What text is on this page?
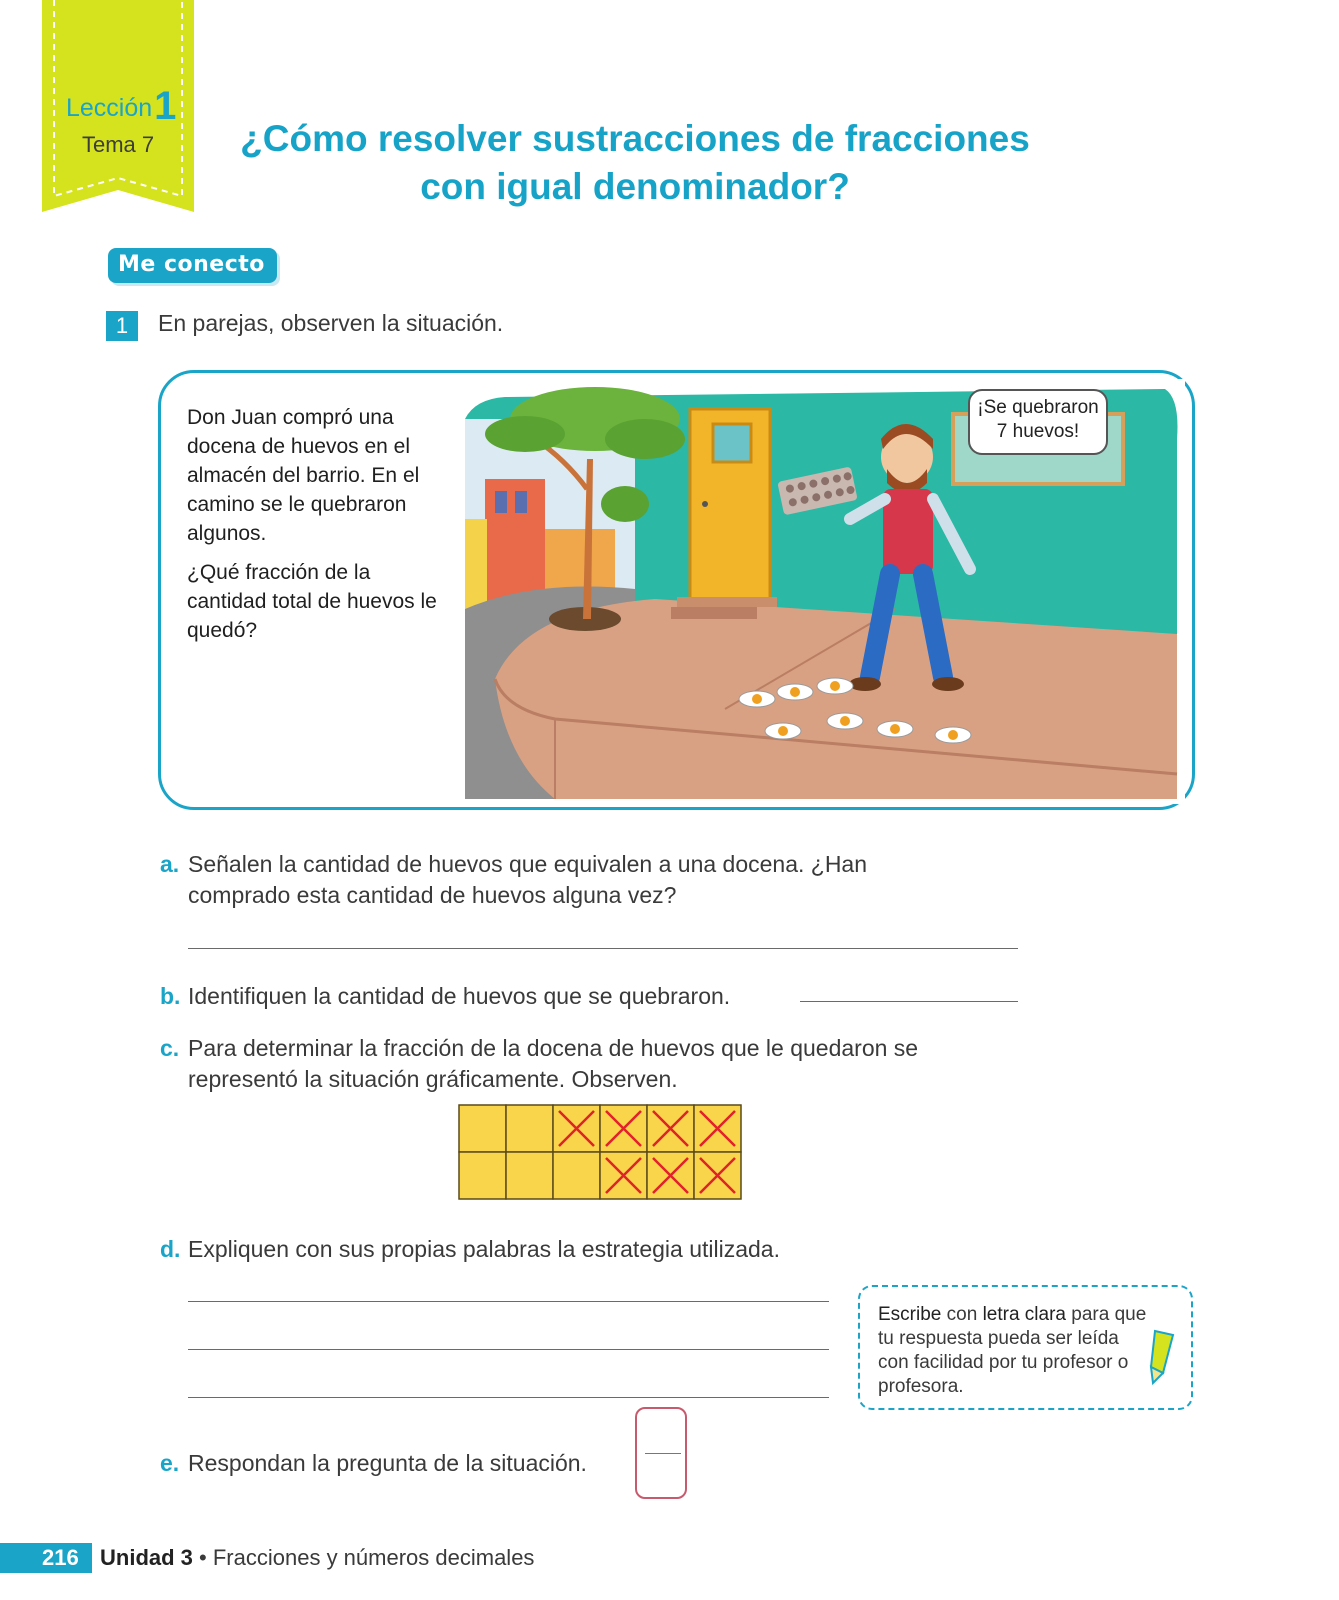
Lección1
Tema 7	¿Cómo resolver sustracciones de fracciones
con igual denominador?
Me conecto
1	En parejas, observen la situación.

Don Juan compró una docena de huevos en el almacén del barrio. En el camino se le quebraron algunos.

¿Qué fracción de la cantidad total de huevos le quedó?

¡Se quebraron
7 huevos!
a. Señalen la cantidad de huevos que equivalen a una docena. ¿Han comprado esta cantidad de huevos alguna vez?
b. Identifiquen la cantidad de huevos que se quebraron.
c. Para determinar la fracción de la docena de huevos que le quedaron se representó la situación gráficamente. Observen.
d. Expliquen con sus propias palabras la estrategia utilizada.
Escribe con letra clara para que tu respuesta pueda ser leída con facilidad por tu profesor o profesora.
e. Respondan la pregunta de la situación.
216 Unidad 3 • Fracciones y números decimales
